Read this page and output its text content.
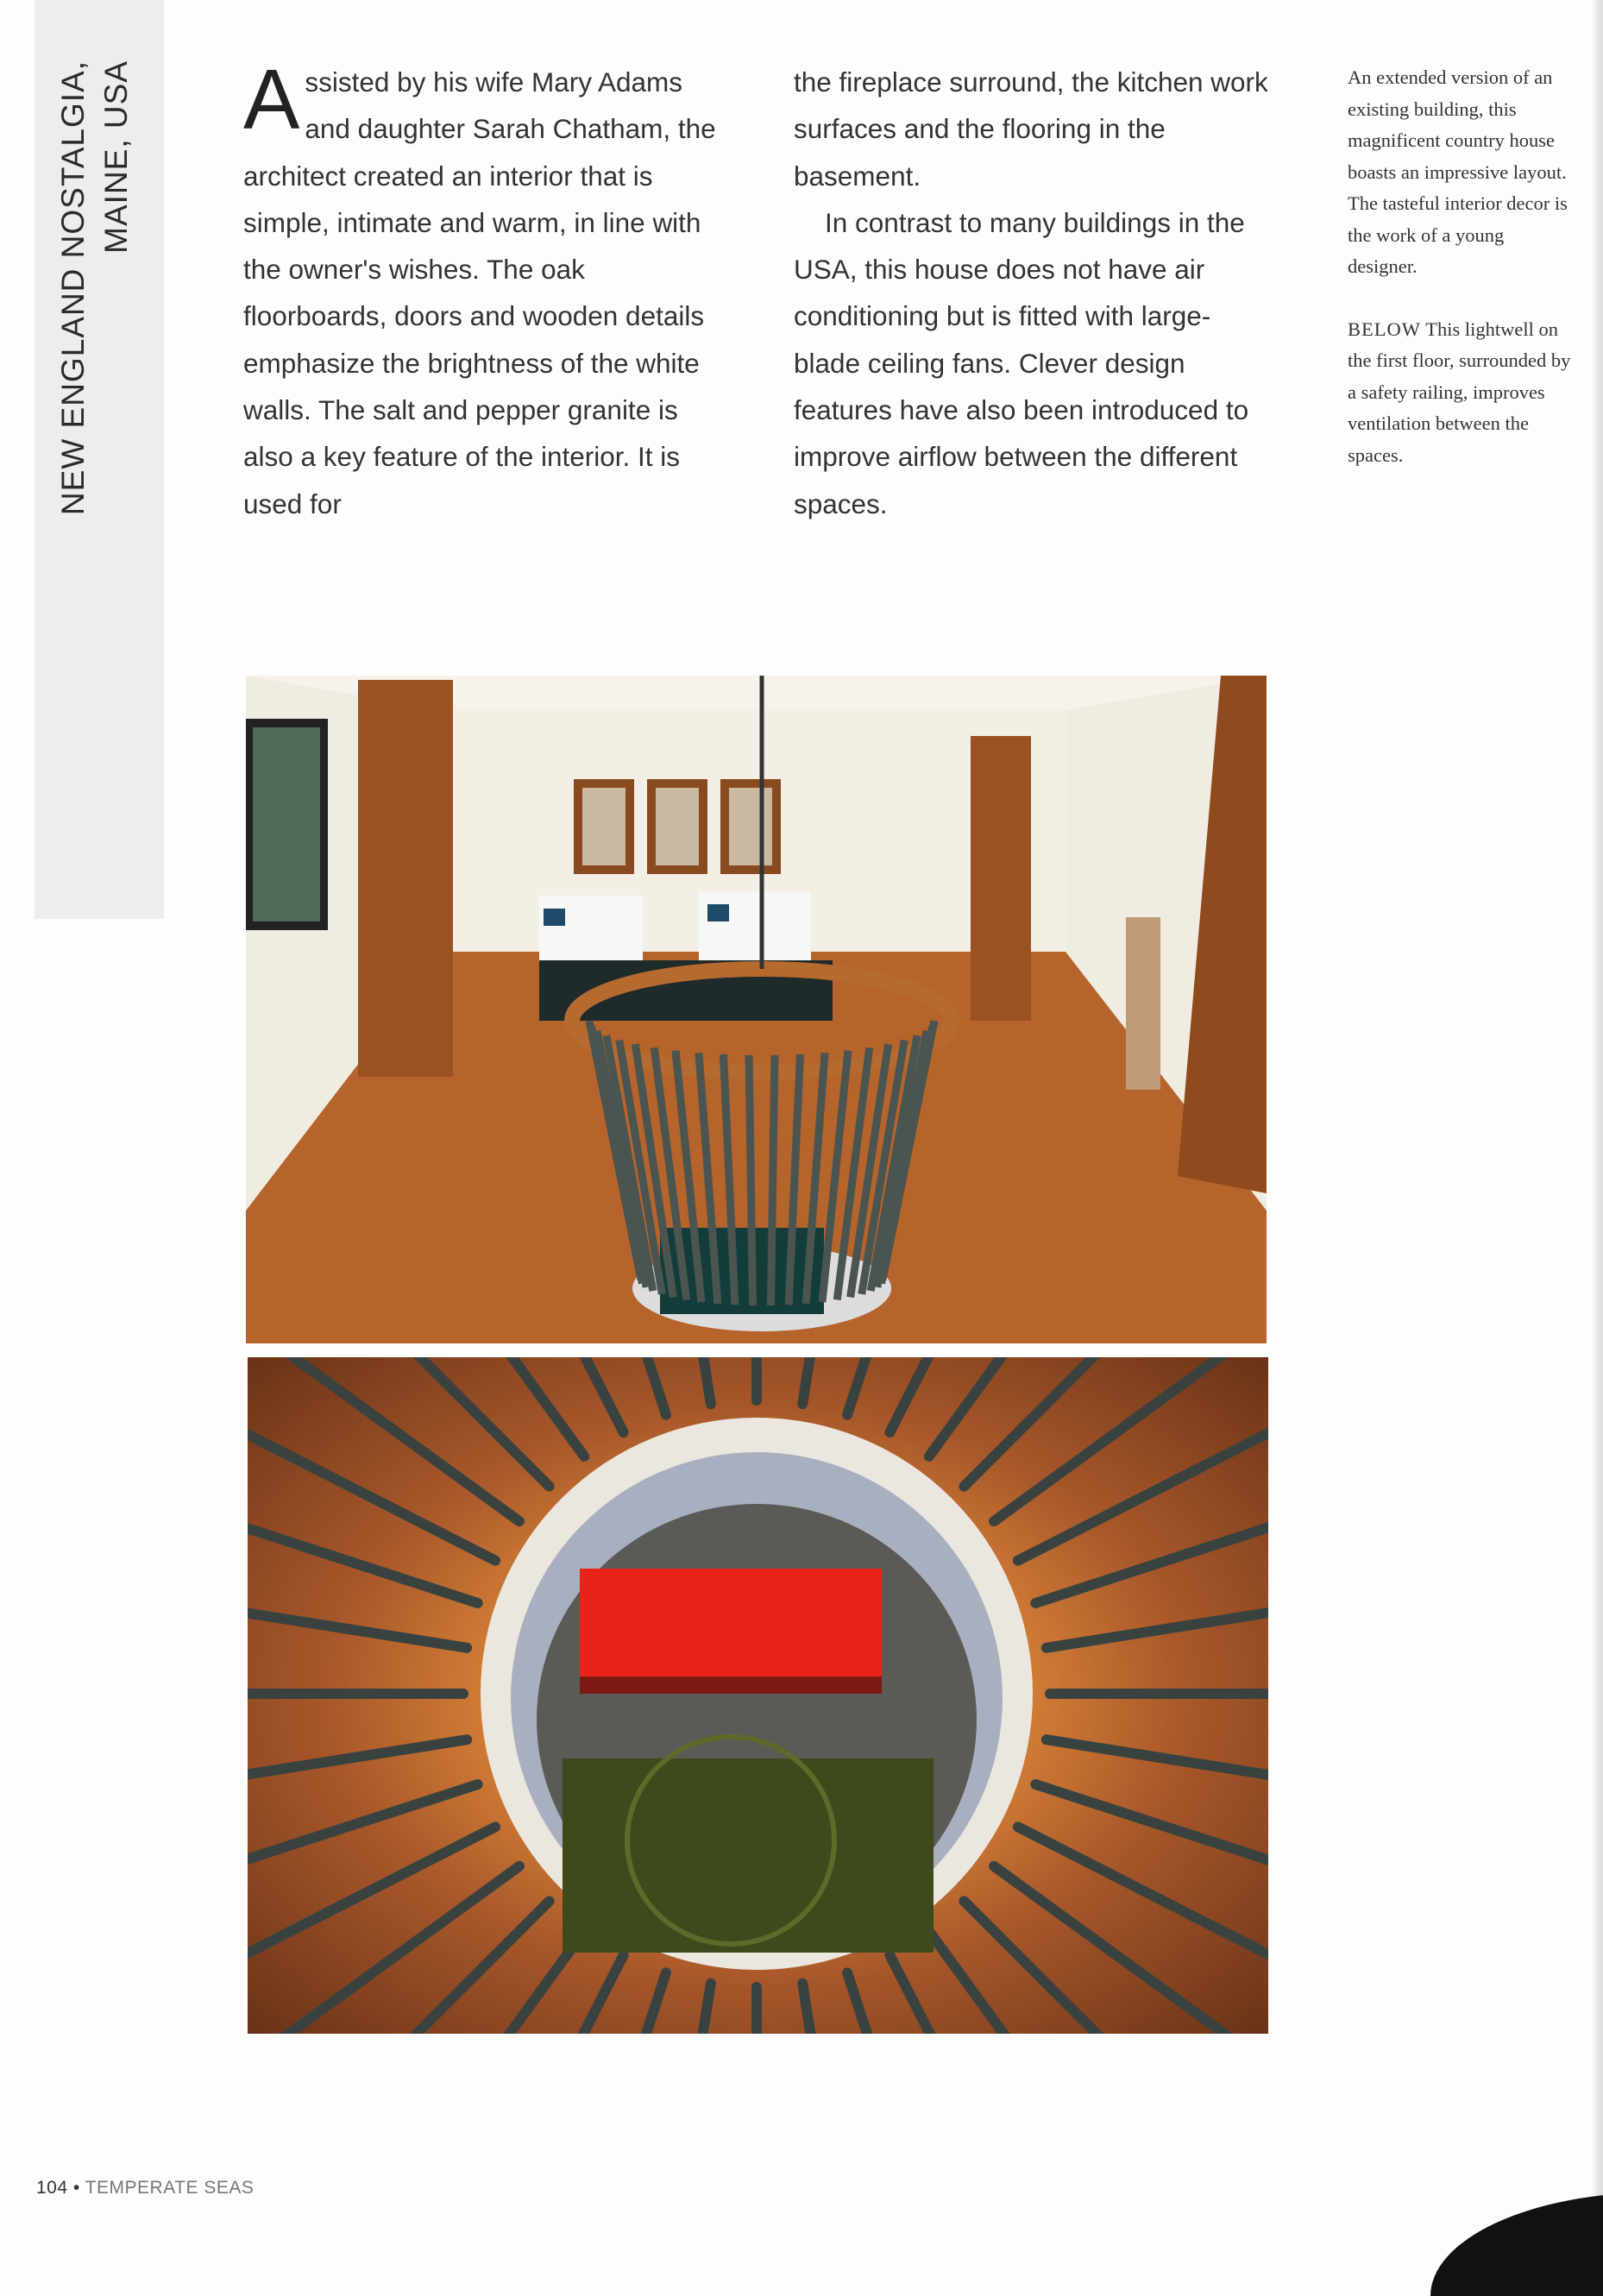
NEW ENGLAND NOSTALGIA, MAINE, USA Assisted by his wife Mary Adams and daughter Sarah Chatham, the architect created an interior that is simple, intimate and warm, in line with the owner's wishes. The oak floorboards, doors and wooden details emphasize the brightness of the white walls. The salt and pepper granite is also a key feature of the interior. It is used for

the fireplace surround, the kitchen work surfaces and the flooring in the basement.

In contrast to many buildings in the USA, this house does not have air conditioning but is fitted with large-blade ceiling fans. Clever design features have also been introduced to improve airflow between the different spaces.

An extended version of an existing building, this magnificent country house boasts an impressive layout. The tasteful interior decor is the work of a young designer.

BELOW This lightwell on the first floor, surrounded by a safety railing, improves ventilation between the spaces.

104 • TEMPERATE SEAS
